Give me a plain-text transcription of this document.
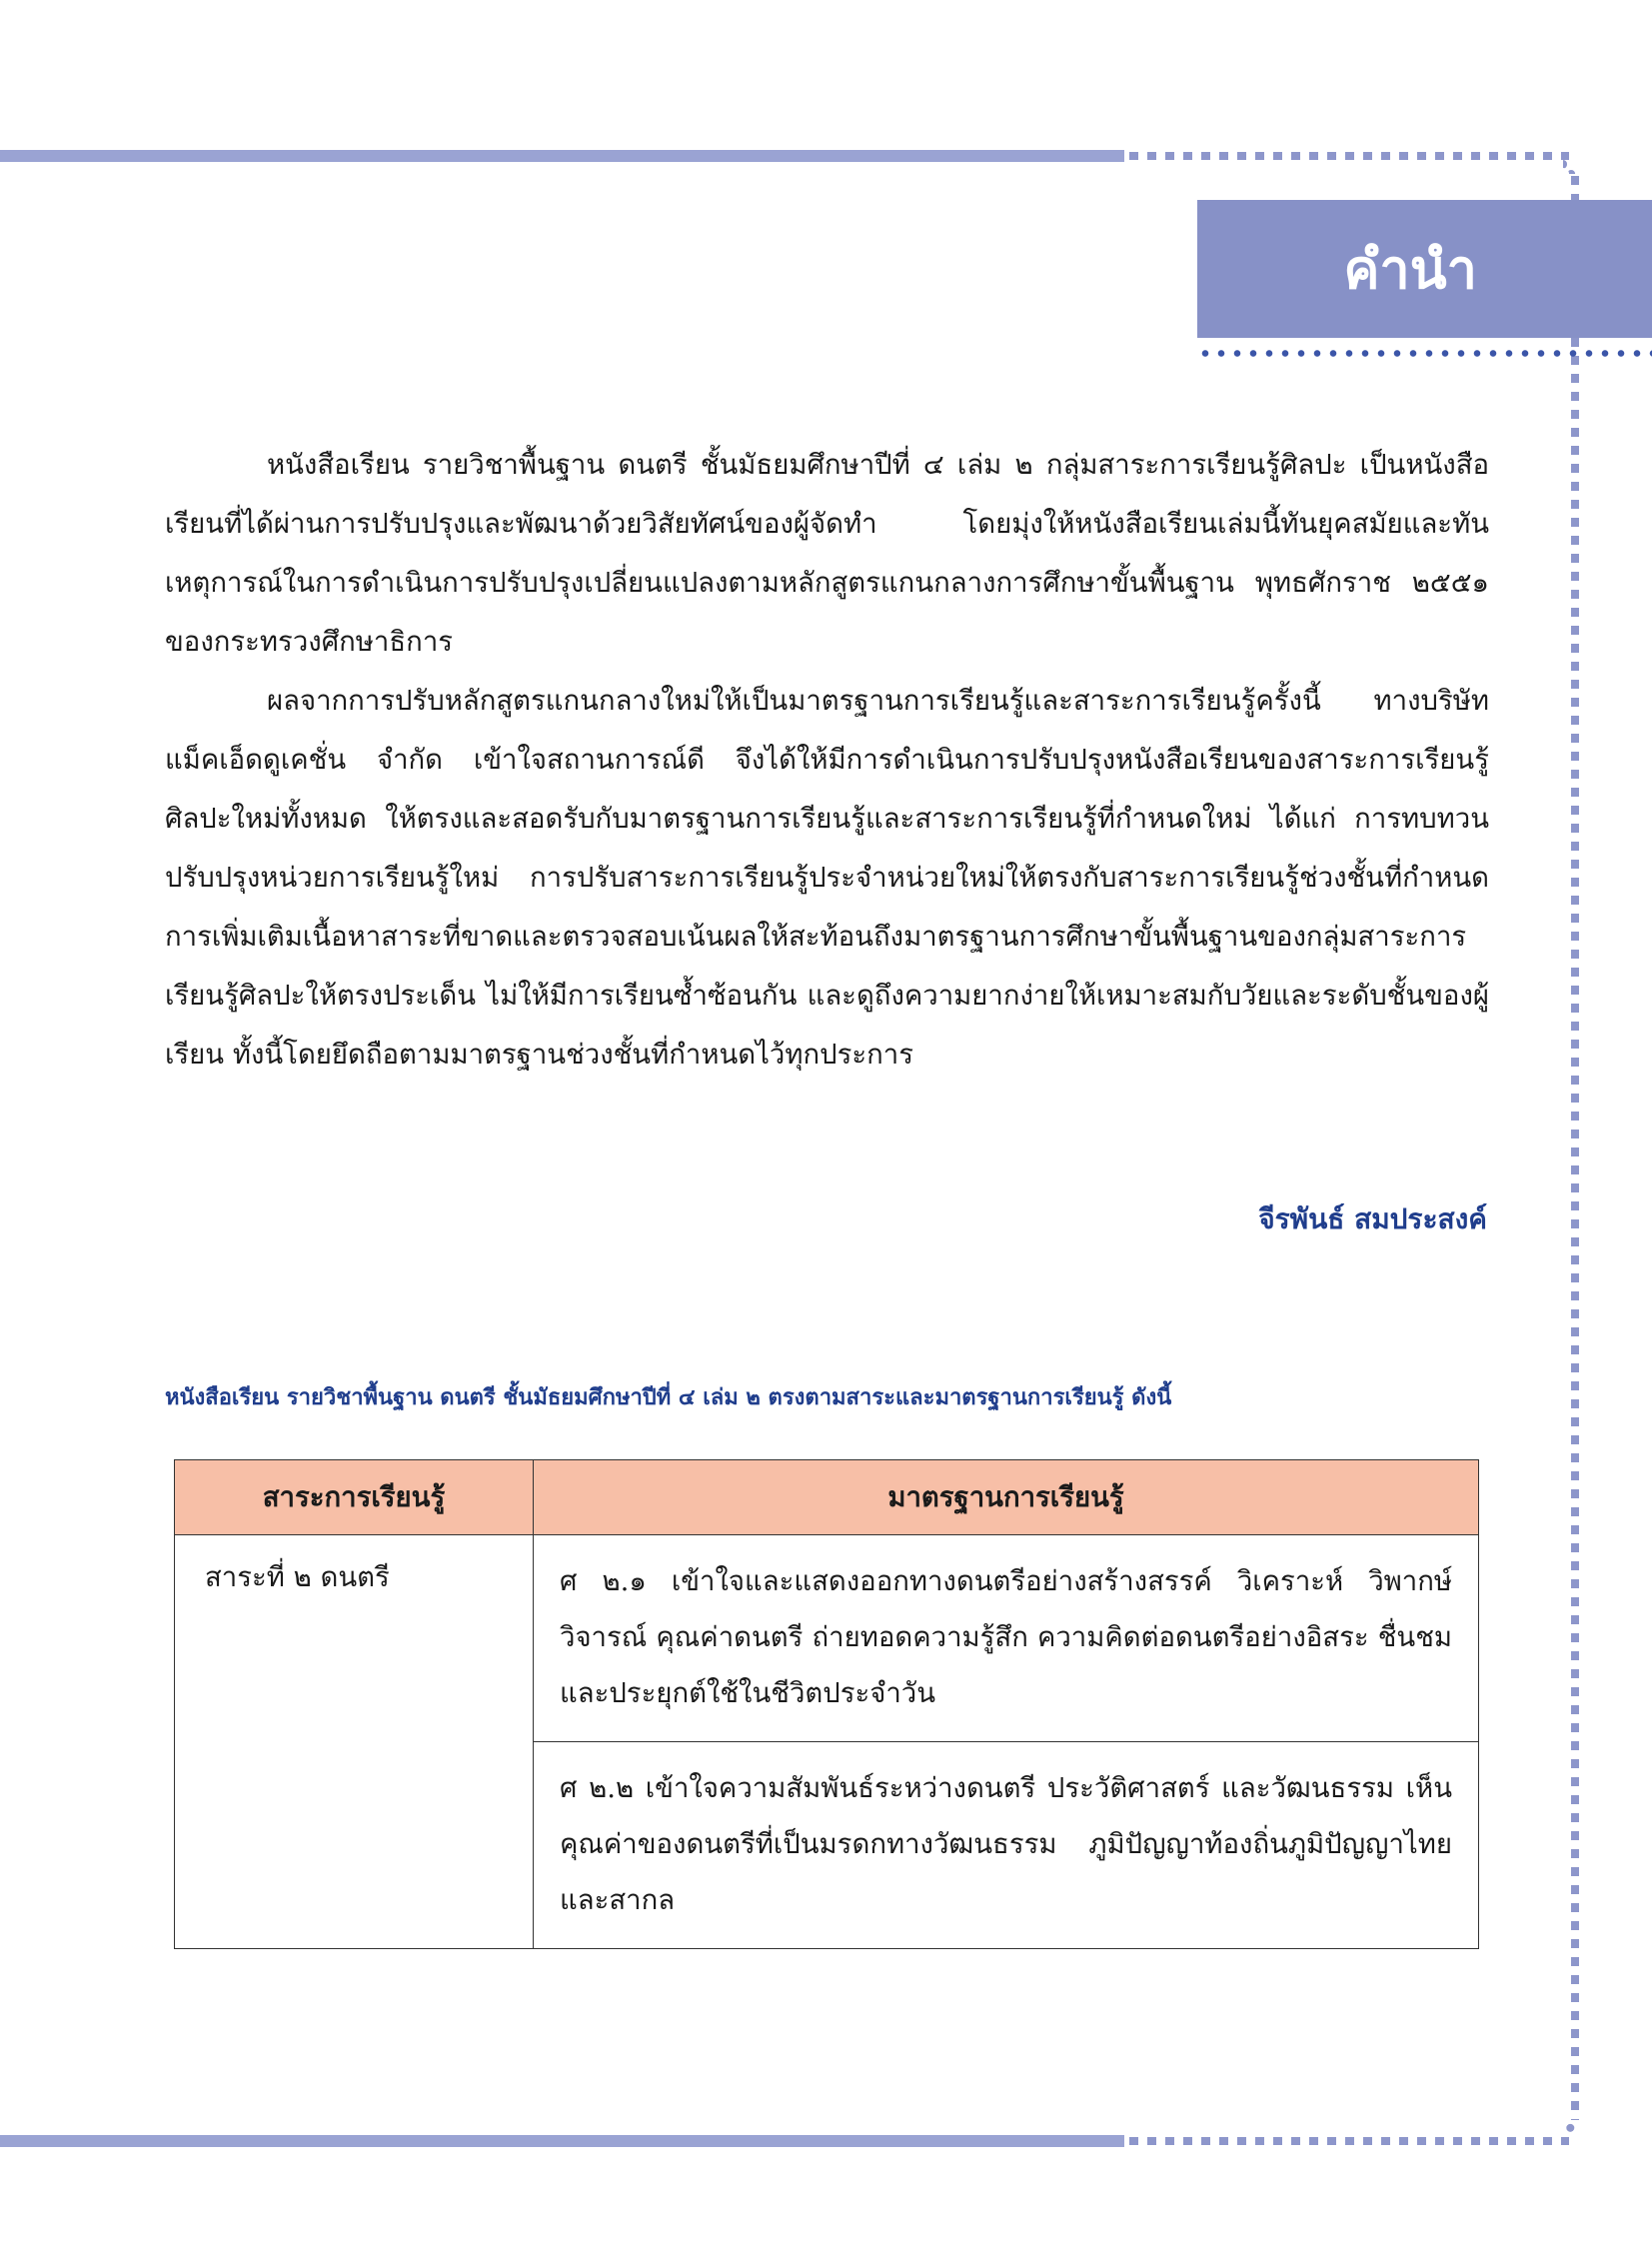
คำนำ

หนังสือเรียน รายวิชาพื้นฐาน ดนตรี ชั้นมัธยมศึกษาปีที่ ๔ เล่ม ๒ กลุ่มสาระการเรียนรู้ศิลปะ เป็นหนังสือเรียนที่ได้ผ่านการปรับปรุงและพัฒนาด้วยวิสัยทัศน์ของผู้จัดทำ โดยมุ่งให้หนังสือเรียนเล่มนี้ทันยุคสมัยและทันเหตุการณ์ในการดำเนินการปรับปรุงเปลี่ยนแปลงตามหลักสูตรแกนกลางการศึกษาขั้นพื้นฐาน พุทธศักราช ๒๕๕๑ ของกระทรวงศึกษาธิการ

ผลจากการปรับหลักสูตรแกนกลางใหม่ให้เป็นมาตรฐานการเรียนรู้และสาระการเรียนรู้ครั้งนี้ ทางบริษัท แม็คเอ็ดดูเคชั่น จำกัด เข้าใจสถานการณ์ดี จึงได้ให้มีการดำเนินการปรับปรุงหนังสือเรียนของสาระการเรียนรู้ศิลปะใหม่ทั้งหมด ให้ตรงและสอดรับกับมาตรฐานการเรียนรู้และสาระการเรียนรู้ที่กำหนดใหม่ ได้แก่ การทบทวนปรับปรุงหน่วยการเรียนรู้ใหม่ การปรับสาระการเรียนรู้ประจำหน่วยใหม่ให้ตรงกับสาระการเรียนรู้ช่วงชั้นที่กำหนด การเพิ่มเติมเนื้อหาสาระที่ขาดและตรวจสอบเน้นผลให้สะท้อนถึงมาตรฐานการศึกษาขั้นพื้นฐานของกลุ่มสาระการเรียนรู้ศิลปะให้ตรงประเด็น ไม่ให้มีการเรียนซ้ำซ้อนกัน และดูถึงความยากง่ายให้เหมาะสมกับวัยและระดับชั้นของผู้เรียน ทั้งนี้โดยยึดถือตามมาตรฐานช่วงชั้นที่กำหนดไว้ทุกประการ

จีรพันธ์ สมประสงค์
หนังสือเรียน รายวิชาพื้นฐาน ดนตรี ชั้นมัธยมศึกษาปีที่ ๔ เล่ม ๒ ตรงตามสาระและมาตรฐานการเรียนรู้ ดังนี้
สาระการเรียนรู้	มาตรฐานการเรียนรู้
สาระที่ ๒ ดนตรี	ศ ๒.๑ เข้าใจและแสดงออกทางดนตรีอย่างสร้างสรรค์ วิเคราะห์ วิพากษ์ วิจารณ์ คุณค่าดนตรี ถ่ายทอดความรู้สึก ความคิดต่อดนตรีอย่างอิสระ ชื่นชม และประยุกต์ใช้ในชีวิตประจำวัน
	ศ ๒.๒ เข้าใจความสัมพันธ์ระหว่างดนตรี ประวัติศาสตร์ และวัฒนธรรม เห็นคุณค่าของดนตรีที่เป็นมรดกทางวัฒนธรรม ภูมิปัญญาท้องถิ่นภูมิปัญญาไทยและสากล
